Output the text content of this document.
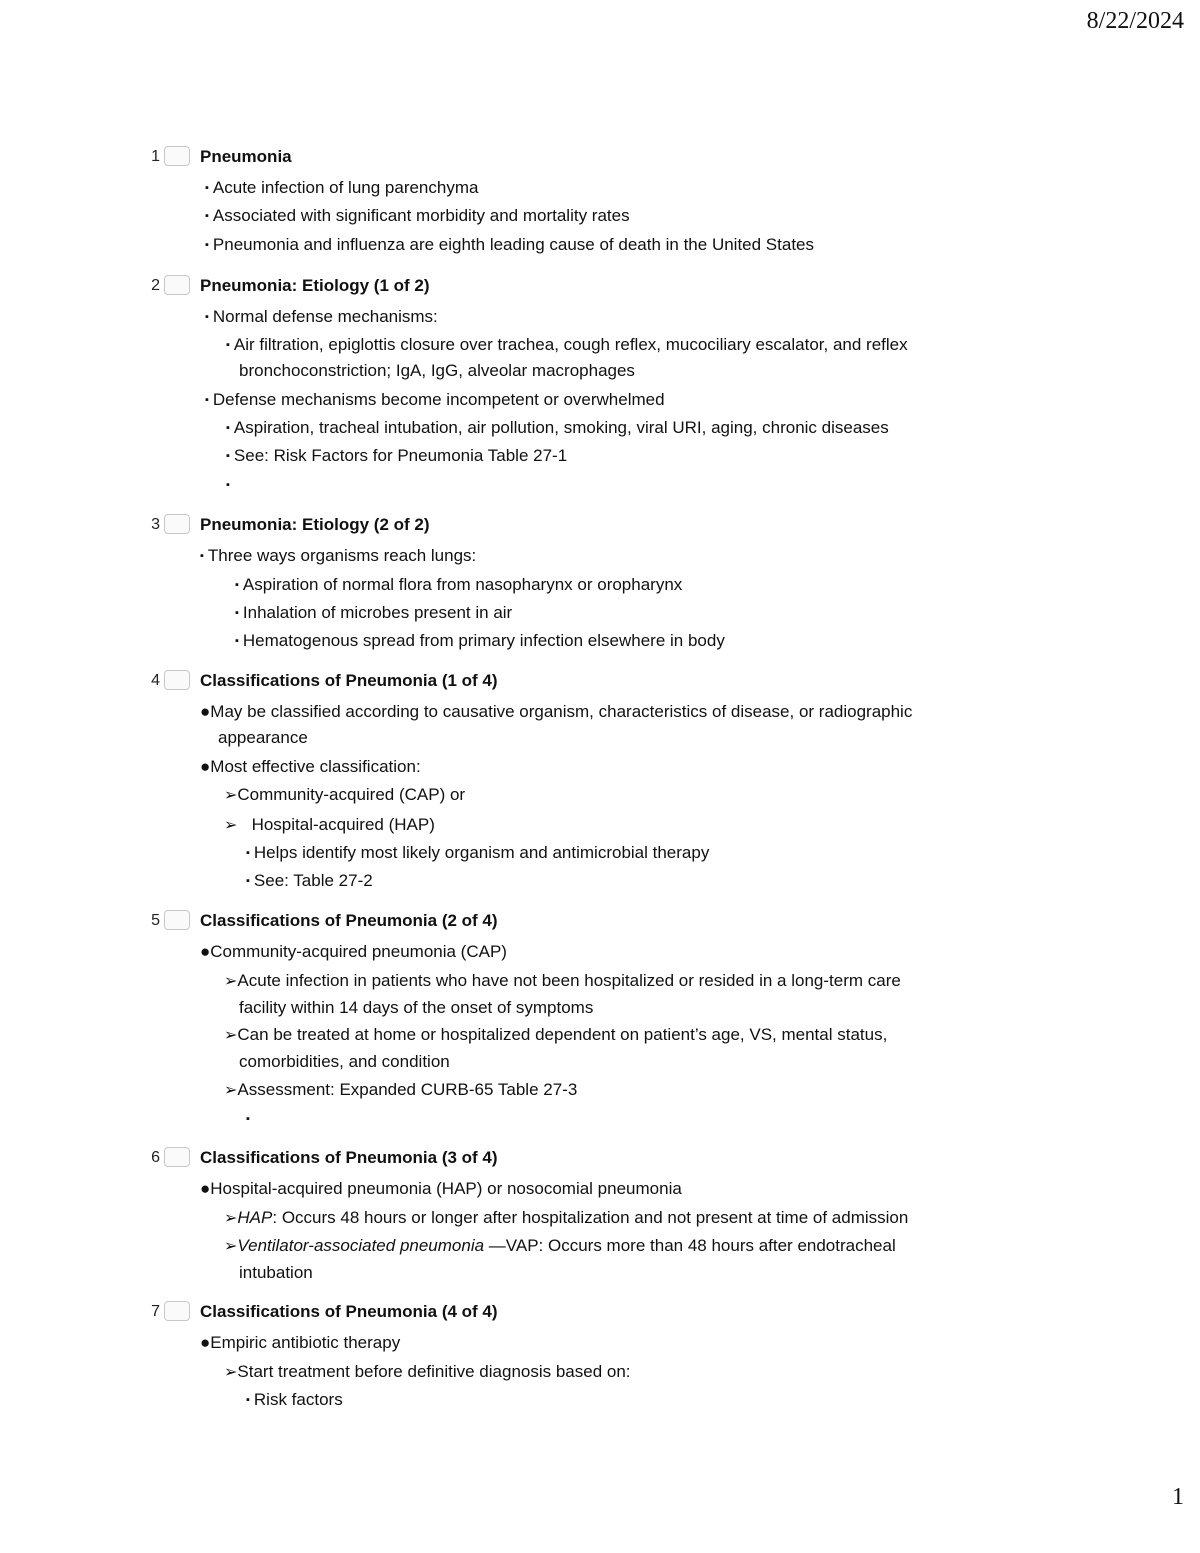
8/22/2024
1 Pneumonia
▪ Acute infection of lung parenchyma
▪ Associated with significant morbidity and mortality rates
▪ Pneumonia and influenza are eighth leading cause of death in the United States
2 Pneumonia: Etiology (1 of 2)
▪ Normal defense mechanisms:
▪ Air filtration, epiglottis closure over trachea, cough reflex, mucociliary escalator, and reflex
bronchoconstriction; IgA, IgG, alveolar macrophages
▪ Defense mechanisms become incompetent or overwhelmed
▪ Aspiration, tracheal intubation, air pollution, smoking, viral URI, aging, chronic diseases
▪ See: Risk Factors for Pneumonia Table 27-1
▪
3 Pneumonia: Etiology (2 of 2)
▪ Three ways organisms reach lungs:
▪ Aspiration of normal flora from nasopharynx or oropharynx
▪ Inhalation of microbes present in air
▪ Hematogenous spread from primary infection elsewhere in body
4 Classifications of Pneumonia (1 of 4)
●May be classified according to causative organism, characteristics of disease, or radiographic
appearance
●Most effective classification:
➢Community-acquired (CAP) or
➢   Hospital-acquired (HAP)
▪ Helps identify most likely organism and antimicrobial therapy
▪ See: Table 27-2
5 Classifications of Pneumonia (2 of 4)
●Community-acquired pneumonia (CAP)
➢Acute infection in patients who have not been hospitalized or resided in a long-term care
facility within 14 days of the onset of symptoms
➢Can be treated at home or hospitalized dependent on patient’s age, VS, mental status,
comorbidities, and condition
➢Assessment: Expanded CURB-65 Table 27-3
▪
6 Classifications of Pneumonia (3 of 4)
●Hospital-acquired pneumonia (HAP) or nosocomial pneumonia
➢HAP: Occurs 48 hours or longer after hospitalization and not present at time of admission
➢Ventilator-associated pneumonia —VAP: Occurs more than 48 hours after endotracheal
intubation
7 Classifications of Pneumonia (4 of 4)
●Empiric antibiotic therapy
➢Start treatment before definitive diagnosis based on:
▪ Risk factors
1
